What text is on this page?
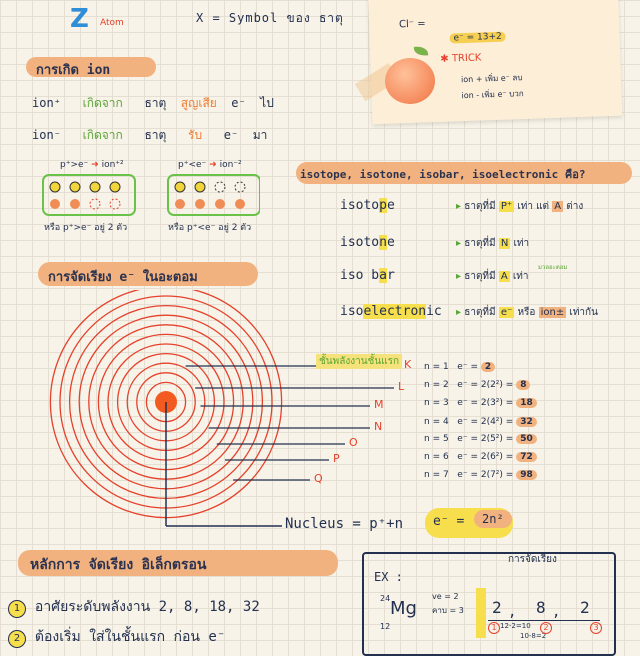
Z Atom	X = Symbol ของ ธาตุ	Cl⁻ =
e⁻ = 13+2
✱ TRICK
ion + เพิ่ม e⁻ ลบ
ion - เพิ่ม e⁻ บวก
การเกิด ion
ion⁺ เกิดจาก ธาตุ สูญเสีย e⁻ ไป
ion⁻ เกิดจาก ธาตุ รับ e⁻ มา
p⁺>e⁻ ➜ ion⁺²	p⁺<e⁻ ➜ ion⁻²
หรือ p⁺>e⁻ อยู่ 2 ตัว	หรือ p⁺<e⁻ อยู่ 2 ตัว
isotope, isotone, isobar, isoelectronic คือ?
isotope	▸ ธาตุที่มี P⁺ เท่า แต่ A ต่าง
isotone	▸ ธาตุที่มี N เท่า
iso bar	▸ ธาตุที่มี A เท่า
isoelectronic ▸ ธาตุที่มี e⁻ หรือ ion± เท่ากัน
มวลอะตอม
การจัดเรียง e⁻ ในอะตอม
ชั้นพลังงานชั้นแรก K n = 1 e⁻ = 2
L n = 2 e⁻ = 2(2²) = 8
M	n = 3 e⁻ = 2(3²) = 18
N	n = 4 e⁻ = 2(4²) = 32
O	n = 5 e⁻ = 2(5²) = 50
P	n = 6 e⁻ = 2(6²) = 72
Q	n = 7 e⁻ = 2(7²) = 98
Nucleus = p⁺+n e⁻ =	2n²
หลักการ จัดเรียง อิเล็กตรอน
1 อาศัยระดับพลังงาน 2, 8, 18, 32
2 ต้องเริ่ม ใส่ในชั้นแรก ก่อน e⁻
การจัดเรียง
EX :
24 Mg
12
ve = 2
คาบ = 3 2 , 8 , 2
12-2=10
10-8=2
1	2	3
